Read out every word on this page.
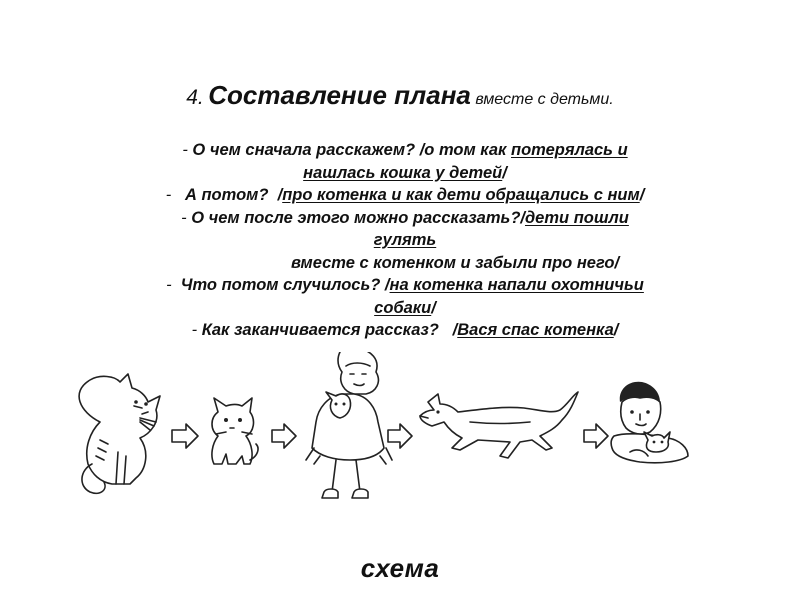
4. Составление плана вместе с детьми.
- О чем сначала расскажем? /о том как потерялась и
нашлась кошка у детей/
- А потом? /про котенка и как дети обращались с ним/
- О чем после этого можно рассказать?/дети пошли
гулять
вместе с котенком и забыли про него/
- Что потом случилось? /на котенка напали охотничьи
собаки/
- Как заканчивается рассказ? /Вася спас котенка/
схема
